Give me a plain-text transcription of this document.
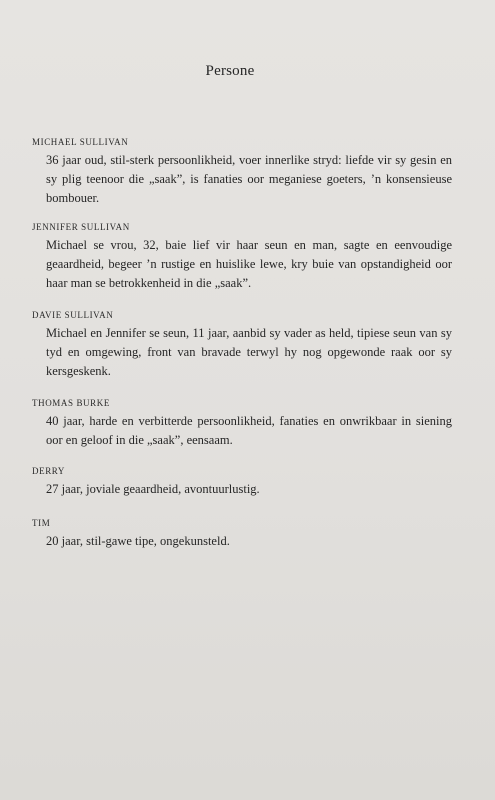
Persone
MICHAEL SULLIVAN
36 jaar oud, stil-sterk persoonlikheid, voer innerlike stryd: liefde vir sy gesin en sy plig teenoor die „saak”, is fanaties oor meganiese goeters, ’n konsensieuse bombouer.
JENNIFER SULLIVAN
Michael se vrou, 32, baie lief vir haar seun en man, sagte en eenvoudige geaardheid, begeer ’n rustige en huislike lewe, kry buie van opstandigheid oor haar man se betrokkenheid in die „saak”.
DAVIE SULLIVAN
Michael en Jennifer se seun, 11 jaar, aanbid sy vader as held, tipiese seun van sy tyd en omgewing, front van bravade terwyl hy nog opgewonde raak oor sy kersgeskenk.
THOMAS BURKE
40 jaar, harde en verbitterde persoonlikheid, fanaties en onwrikbaar in siening oor en geloof in die „saak”, eensaam.
DERRY
27 jaar, joviale geaardheid, avontuurlustig.
TIM
20 jaar, stil-gawe tipe, ongekunsteld.
